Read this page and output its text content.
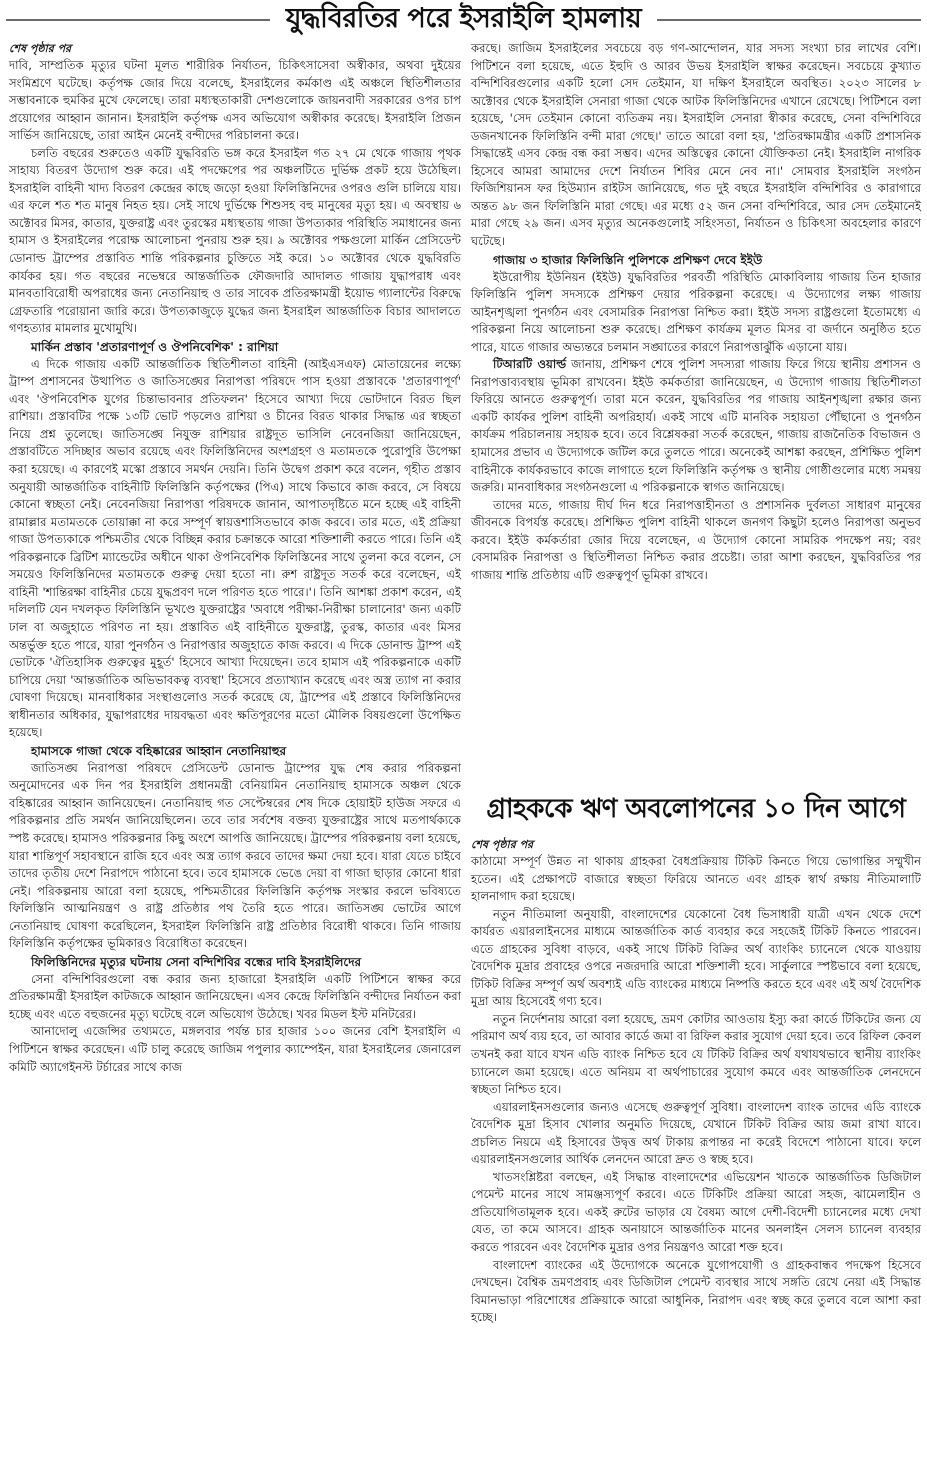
যুদ্ধবিরতির পরে ইসরাইলি হামলায়
শেষ পৃষ্ঠার পর

দাবি, সাম্প্রতিক মৃত্যুর ঘটনা মূলত শারীরিক নির্যাতন, চিকিৎসাসেবা অস্বীকার, অথবা দুইয়ের সংমিশ্রণে ঘটেছে। কর্তৃপক্ষ জোর দিয়ে বলেছে, ইসরাইলের কর্মকাণ্ড এই অঞ্চলে স্থিতিশীলতার সম্ভাবনাকে হুমকির মুখে ফেলেছে। তারা মধ্যস্থতাকারী দেশগুলোকে জায়নবাদী সরকারের ওপর চাপ প্রয়োগের আহ্বান জানান। ইসরাইলি কর্তৃপক্ষ এসব অভিযোগ অস্বীকার করেছে। ইসরাইলি প্রিজন সার্ভিস জানিয়েছে, তারা আইন মেনেই বন্দীদের পরিচালনা করে।

চলতি বছরের শুরুতেও একটি যুদ্ধবিরতি ভঙ্গ করে ইসরাইল গত ২৭ মে থেকে গাজায় পৃথক সাহায্য বিতরণ উদ্যোগ শুরু করে। এই পদক্ষেপের পর অঞ্চলটিতে দুর্ভিক্ষ প্রকট হয়ে উঠেছিল। ইসরাইলি বাহিনী খাদ্য বিতরণ কেন্দ্রের কাছে জড়ো হওয়া ফিলিস্তিনিদের ওপরও গুলি চালিয়ে যায়। এর ফলে শত শত মানুষ নিহত হয়। সেই সাথে দুর্ভিক্ষে শিশুসহ বহু মানুষের মৃত্যু হয়। এ অবস্থায় ৬ অক্টোবর মিসর, কাতার, যুক্তরাষ্ট্র এবং তুরস্কের মধ্যস্থতায় গাজা উপত্যকার পরিস্থিতি সমাধানের জন্য হামাস ও ইসরাইলের পরোক্ষ আলোচনা পুনরায় শুরু হয়। ৯ অক্টোবর পক্ষগুলো মার্কিন প্রেসিডেন্ট ডোনাল্ড ট্রাম্পের প্রস্তাবিত শান্তি পরিকল্পনার চুক্তিতে সই করে। ১০ অক্টোবর থেকে যুদ্ধবিরতি কার্যকর হয়। গত বছরের নভেম্বরে আন্তর্জাতিক ফৌজদারি আদালত গাজায় যুদ্ধাপরাধ এবং মানবতাবিরোধী অপরাধের জন্য নেতানিয়াহু ও তার সাবেক প্রতিরক্ষামন্ত্রী ইয়োভ গ্যালান্টের বিরুদ্ধে গ্রেফতারি পরোয়ানা জারি করে। উপত্যকাজুড়ে যুদ্ধের জন্য ইসরাইল আন্তর্জাতিক বিচার আদালতে গণহত্যার মামলার মুখোমুখি।

মার্কিন প্রস্তাব 'প্রতারণাপূর্ণ ও ঔপনিবেশিক' : রাশিয়া

এ দিকে গাজায় একটি আন্তর্জাতিক স্থিতিশীলতা বাহিনী (আইএসএফ) মোতায়েনের লক্ষ্যে ট্রাম্প প্রশাসনের উত্থাপিত ও জাতিসঙ্ঘের নিরাপত্তা পরিষদে পাস হওয়া প্রস্তাবকে 'প্রতারণাপূর্ণ' এবং 'ঔপনিবেশিক যুগের চিন্তাভাবনার প্রতিফলন' হিসেবে আখ্যা দিয়ে ভোটদানে বিরত ছিল রাশিয়া। প্রস্তাবটির পক্ষে ১৩টি ভোট পড়লেও রাশিয়া ও চীনের বিরত থাকার সিদ্ধান্ত এর স্বচ্ছতা নিয়ে প্রশ্ন তুলেছে। জাতিসঙ্ঘে নিযুক্ত রাশিয়ার রাষ্ট্রদূত ভাসিলি নেবেনজিয়া জানিয়েছেন, প্রস্তাবটিতে সদিচ্ছার অভাব রয়েছে এবং ফিলিস্তিনিদের অংশগ্রহণ ও মতামতকে পুরোপুরি উপেক্ষা করা হয়েছে। এ কারণেই মস্কো প্রস্তাবে সমর্থন দেয়নি। তিনি উদ্বেগ প্রকাশ করে বলেন, গৃহীত প্রস্তাব অনুযায়ী আন্তর্জাতিক বাহিনীটি ফিলিস্তিনি কর্তৃপক্ষের (পিএ) সাথে কিভাবে কাজ করবে, সে বিষয়ে কোনো স্বচ্ছতা নেই। নেবেনজিয়া নিরাপত্তা পরিষদকে জানান, আপাতদৃষ্টিতে মনে হচ্ছে এই বাহিনী রামাল্লার মতামতকে তোয়াক্কা না করে সম্পূর্ণ স্বায়ত্তশাসিতভাবে কাজ করবে। তার মতে, এই প্রক্রিয়া গাজা উপত্যকাকে পশ্চিমতীর থেকে বিচ্ছিন্ন করার চক্রান্তকে আরো শক্তিশালী করতে পারে। তিনি এই পরিকল্পনাকে ব্রিটিশ ম্যান্ডেটের অধীনে থাকা ঔপনিবেশিক ফিলিস্তিনের সাথে তুলনা করে বলেন, সে সময়েও ফিলিস্তিনিদের মতামতকে গুরুত্ব দেয়া হতো না। রুশ রাষ্ট্রদূত সতর্ক করে বলেছেন, এই বাহিনী 'শান্তিরক্ষা বাহিনীর চেয়ে যুদ্ধপ্রবণ দলে পরিণত হতে পারে।'। তিনি আশঙ্কা প্রকাশ করেন, এই দলিলটি যেন দখলকৃত ফিলিস্তিনি ভূখণ্ডে যুক্তরাষ্ট্রের 'অবাধে পরীক্ষা-নিরীক্ষা চালানোর' জন্য একটি ঢাল বা অজুহাতে পরিণত না হয়। প্রস্তাবিত এই বাহিনীতে যুক্তরাষ্ট্র, তুরস্ক, কাতার এবং মিসর অন্তর্ভুক্ত হতে পারে, যারা পুনর্গঠন ও নিরাপত্তার অজুহাতে কাজ করবে। এ দিকে ডোনাল্ড ট্রাম্প এই ভোটকে 'ঐতিহাসিক গুরুত্বের মুহূর্ত' হিসেবে আখ্যা দিয়েছেন। তবে হামাস এই পরিকল্পনাকে একটি চাপিয়ে দেয়া 'আন্তর্জাতিক অভিভাবকত্ব ব্যবস্থা' হিসেবে প্রত্যাখ্যান করেছে এবং অস্ত্র ত্যাগ না করার ঘোষণা দিয়েছে। মানবাধিকার সংস্থাগুলোও সতর্ক করেছে যে, ট্রাম্পের এই প্রস্তাবে ফিলিস্তিনিদের স্বাধীনতার অধিকার, যুদ্ধাপরাধের দায়বদ্ধতা এবং ক্ষতিপূরণের মতো মৌলিক বিষয়গুলো উপেক্ষিত হয়েছে।

হামাসকে গাজা থেকে বহিষ্কারের আহ্বান নেতানিয়াহুর

জাতিসঙ্ঘ নিরাপত্তা পরিষদে প্রেসিডেন্ট ডোনাল্ড ট্রাম্পের যুদ্ধ শেষ করার পরিকল্পনা অনুমোদনের এক দিন পর ইসরাইলি প্রধানমন্ত্রী বেনিয়ামিন নেতানিয়াহু হামাসকে অঞ্চল থেকে বহিষ্কারের আহ্বান জানিয়েছেন। নেতানিয়াহু গত সেপ্টেম্বরের শেষ দিকে হোয়াইট হাউজ সফরে এ পরিকল্পনার প্রতি সমর্থন জানিয়েছিলেন। তবে তার সর্বশেষ বক্তব্য যুক্তরাষ্ট্রের সাথে মতপার্থক্যকে স্পষ্ট করেছে। হামাসও পরিকল্পনার কিছু অংশে আপত্তি জানিয়েছে। ট্রাম্পের পরিকল্পনায় বলা হয়েছে, যারা শান্তিপূর্ণ সহাবস্থানে রাজি হবে এবং অস্ত্র ত্যাগ করবে তাদের ক্ষমা দেয়া হবে। যারা যেতে চাইবে তাদের তৃতীয় দেশে নিরাপদে পাঠানো হবে। তবে হামাসকে ভেঙে দেয়া বা গাজা ছাড়ার কোনো ধারা নেই। পরিকল্পনায় আরো বলা হয়েছে, পশ্চিমতীরের ফিলিস্তিনি কর্তৃপক্ষ সংস্কার করলে ভবিষ্যতে ফিলিস্তিনি আত্মনিয়ন্ত্রণ ও রাষ্ট্র প্রতিষ্ঠার পথ তৈরি হতে পারে। জাতিসঙ্ঘ ভোটের আগে নেতানিয়াহু ঘোষণা করেছিলেন, ইসরাইল ফিলিস্তিনি রাষ্ট্র প্রতিষ্ঠার বিরোধী থাকবে। তিনি গাজায় ফিলিস্তিনি কর্তৃপক্ষের ভূমিকারও বিরোধিতা করেছেন।

ফিলিস্তিনিদের মৃত্যুর ঘটনায় সেনা বন্দিশিবির বন্ধের দাবি ইসরাইলিদের

সেনা বন্দিশিবিরগুলো বন্ধ করার জন্য হাজারো ইসরাইলি একটি পিটিশনে স্বাক্ষর করে প্রতিরক্ষামন্ত্রী ইসরাইল কাটজকে আহ্বান জানিয়েছেন। এসব কেন্দ্রে ফিলিস্তিনি বন্দীদের নির্যাতন করা হচ্ছে এবং এতে বহুজনের মৃত্যু ঘটেছে বলে অভিযোগ উঠেছে। খবর মিডল ইস্ট মনিটরের।

আনাদোলু এজেন্সির তথ্যমতে, মঙ্গলবার পর্যন্ত চার হাজার ১০০ জনের বেশি ইসরাইলি এ পিটিশনে স্বাক্ষর করেছেন। এটি চালু করেছে জাজিম পপুলার ক্যাম্পেইন, যারা ইসরাইলের জেনারেল কমিটি অ্যাগেইনস্ট টর্চারের সাথে কাজ

করছে। জাজিম ইসরাইলের সবচেয়ে বড় গণ-আন্দোলন, যার সদস্য সংখ্যা চার লাখের বেশি। পিটিশনে বলা হয়েছে, এতে ইহুদি ও আরব উভয় ইসরাইলি স্বাক্ষর করেছেন। সবচেয়ে কুখ্যাত বন্দিশিবিরগুলোর একটি হলো সেদ তেইমান, যা দক্ষিণ ইসরাইলে অবস্থিত। ২০২৩ সালের ৮ অক্টোবর থেকে ইসরাইলি সেনারা গাজা থেকে আটক ফিলিস্তিনিদের এখানে রেখেছে। পিটিশনে বলা হয়েছে, 'সেদ তেইমান কোনো ব্যতিক্রম নয়। ইসরাইলি সেনারা স্বীকার করেছে, সেনা বন্দিশিবিরে ডজনখানেক ফিলিস্তিনি বন্দী মারা গেছে।' তাতে আরো বলা হয়, 'প্রতিরক্ষামন্ত্রীর একটি প্রশাসনিক সিদ্ধান্তেই এসব কেন্দ্র বন্ধ করা সম্ভব। এদের অস্তিত্বের কোনো যৌক্তিকতা নেই। ইসরাইলি নাগরিক হিসেবে আমরা আমাদের দেশে নির্যাতন শিবির মেনে নেব না।' সোমবার ইসরাইলি সংগঠন ফিজিশিয়ানস ফর হিউম্যান রাইটস জানিয়েছে, গত দুই বছরে ইসরাইলি বন্দিশিবির ও কারাগারে অন্তত ৯৮ জন ফিলিস্তিনি মারা গেছে। এর মধ্যে ৫২ জন সেনা বন্দিশিবিরে, আর সেদ তেইমানেই মারা গেছে ২৯ জন। এসব মৃত্যুর অনেকগুলোই সহিংসতা, নির্যাতন ও চিকিৎসা অবহেলার কারণে ঘটেছে।

গাজায় ৩ হাজার ফিলিস্তিনি পুলিশকে প্রশিক্ষণ দেবে ইইউ

ইউরোপীয় ইউনিয়ন (ইইউ) যুদ্ধবিরতির পরবর্তী পরিস্থিতি মোকাবিলায় গাজায় তিন হাজার ফিলিস্তিনি পুলিশ সদস্যকে প্রশিক্ষণ দেয়ার পরিকল্পনা করেছে। এ উদ্যোগের লক্ষ্য গাজায় আইনশৃঙ্খলা পুনর্গঠন এবং বেসামরিক নিরাপত্তা নিশ্চিত করা। ইইউ সদস্য রাষ্ট্রগুলো ইতোমধ্যে এ পরিকল্পনা নিয়ে আলোচনা শুরু করেছে। প্রশিক্ষণ কার্যক্রম মূলত মিসর বা জর্দানে অনুষ্ঠিত হতে পারে, যাতে গাজার অভ্যন্তরে চলমান সঙ্ঘাতের কারণে নিরাপত্তাঝুঁকি এড়ানো যায়।

টিআরটি ওয়ার্ল্ড জানায়, প্রশিক্ষণ শেষে পুলিশ সদস্যরা গাজায় ফিরে গিয়ে স্থানীয় প্রশাসন ও নিরাপত্তাব্যবস্থায় ভূমিকা রাখবেন। ইইউ কর্মকর্তারা জানিয়েছেন, এ উদ্যোগ গাজায় স্থিতিশীলতা ফিরিয়ে আনতে গুরুত্বপূর্ণ। তারা মনে করেন, যুদ্ধবিরতির পর গাজায় আইনশৃঙ্খলা রক্ষার জন্য একটি কার্যকর পুলিশ বাহিনী অপরিহার্য। একই সাথে এটি মানবিক সহায়তা পৌঁছানো ও পুনর্গঠন কার্যক্রম পরিচালনায় সহায়ক হবে। তবে বিশ্লেষকরা সতর্ক করেছেন, গাজায় রাজনৈতিক বিভাজন ও হামাসের প্রভাব এ উদ্যোগকে জটিল করে তুলতে পারে। অনেকেই আশঙ্কা করছেন, প্রশিক্ষিত পুলিশ বাহিনীকে কার্যকরভাবে কাজে লাগাতে হলে ফিলিস্তিনি কর্তৃপক্ষ ও স্থানীয় গোষ্ঠীগুলোর মধ্যে সমন্বয় জরুরি। মানবাধিকার সংগঠনগুলো এ পরিকল্পনাকে স্বাগত জানিয়েছে।

তাদের মতে, গাজায় দীর্ঘ দিন ধরে নিরাপত্তাহীনতা ও প্রশাসনিক দুর্বলতা সাধারণ মানুষের জীবনকে বিপর্যস্ত করেছে। প্রশিক্ষিত পুলিশ বাহিনী থাকলে জনগণ কিছুটা হলেও নিরাপত্তা অনুভব করবে। ইইউ কর্মকর্তারা জোর দিয়ে বলেছেন, এ উদ্যোগ কোনো সামরিক পদক্ষেপ নয়; বরং বেসামরিক নিরাপত্তা ও স্থিতিশীলতা নিশ্চিত করার প্রচেষ্টা। তারা আশা করছেন, যুদ্ধবিরতির পর গাজায় শান্তি প্রতিষ্ঠায় এটি গুরুত্বপূর্ণ ভূমিকা রাখবে।

গ্রাহককে ঋণ অবলোপনের ১০ দিন আগে
শেষ পৃষ্ঠার পর

কাঠামো সম্পূর্ণ উন্নত না থাকায় গ্রাহকরা বৈধপ্রক্রিয়ায় টিকিট কিনতে গিয়ে ভোগান্তির সম্মুখীন হতেন। এই প্রেক্ষাপটে বাজারে স্বচ্ছতা ফিরিয়ে আনতে এবং গ্রাহক স্বার্থ রক্ষায় নীতিমালাটি হালনাগাদ করা হয়েছে।

নতুন নীতিমালা অনুযায়ী, বাংলাদেশের যেকোনো বৈধ ভিসাধারী যাত্রী এখন থেকে দেশে কার্যরত এয়ারলাইনসের মাধ্যমে আন্তর্জাতিক কার্ড ব্যবহার করে সহজেই টিকিট কিনতে পারবেন। এতে গ্রাহকের সুবিধা বাড়বে, একই সাথে টিকিট বিক্রির অর্থ ব্যাংকিং চ্যানেলে থেকে যাওয়ায় বৈদেশিক মুদ্রার প্রবাহের ওপরে নজরদারি আরো শক্তিশালী হবে। সার্কুলারে স্পষ্টভাবে বলা হয়েছে, টিকিট বিক্রির সম্পূর্ণ অর্থ অবশ্যই এডি ব্যাংকের মাধ্যমে নিষ্পত্তি করতে হবে এবং এই অর্থ বৈদেশিক মুদ্রা আয় হিসেবেই গণ্য হবে।

নতুন নির্দেশনায় আরো বলা হয়েছে, ভ্রমণ কোটার আওতায় ইস্যু করা কার্ডে টিকিটের জন্য যে পরিমাণ অর্থ ব্যয় হবে, তা আবার কার্ডে জমা বা রিফিল করার সুযোগ দেয়া হবে। তবে রিফিল কেবল তখনই করা যাবে যখন এডি ব্যাংক নিশ্চিত হবে যে টিকিট বিক্রির অর্থ যথাযথভাবে স্থানীয় ব্যাংকিং চ্যানেলে জমা হয়েছে। এতে অনিয়ম বা অর্থপাচারের সুযোগ কমবে এবং আন্তর্জাতিক লেনদেনে স্বচ্ছতা নিশ্চিত হবে।

এয়ারলাইনসগুলোর জন্যও এসেছে গুরুত্বপূর্ণ সুবিধা। বাংলাদেশ ব্যাংক তাদের এডি ব্যাংকে বৈদেশিক মুদ্রা হিসাব খোলার অনুমতি দিয়েছে, যেখানে টিকিট বিক্রির আয় জমা রাখা যাবে। প্রচলিত নিয়মে এই হিসাবের উদ্বৃত্ত অর্থ টাকায় রূপান্তর না করেই বিদেশে পাঠানো যাবে। ফলে এয়ারলাইনসগুলোর আর্থিক লেনদেন আরো দ্রুত ও স্বচ্ছ হবে।

খাতসংশ্লিষ্টরা বলছেন, এই সিদ্ধান্ত বাংলাদেশের এভিয়েশন খাতকে আন্তর্জাতিক ডিজিটাল পেমেন্ট মানের সাথে সামঞ্জস্যপূর্ণ করবে। এতে টিকিটিং প্রক্রিয়া আরো সহজ, ঝামেলাহীন ও প্রতিযোগিতামূলক হবে। একই রুটের ভাড়ার যে বৈষম্য আগে দেশী-বিদেশী চ্যানেলের মধ্যে দেখা যেত, তা কমে আসবে। গ্রাহক অনায়াসে আন্তর্জাতিক মানের অনলাইন সেলস চ্যানেল ব্যবহার করতে পারবেন এবং বৈদেশিক মুদ্রার ওপর নিয়ন্ত্রণও আরো শক্ত হবে।

বাংলাদেশ ব্যাংকের এই উদ্যোগকে অনেকে যুগোপযোগী ও গ্রাহকবান্ধব পদক্ষেপ হিসেবে দেখছেন। বৈশ্বিক ভ্রমণপ্রবাহ এবং ডিজিটাল পেমেন্ট ব্যবস্থার সাথে সঙ্গতি রেখে নেয়া এই সিদ্ধান্ত বিমানভাড়া পরিশোধের প্রক্রিয়াকে আরো আধুনিক, নিরাপদ এবং স্বচ্ছ করে তুলবে বলে আশা করা হচ্ছে।
